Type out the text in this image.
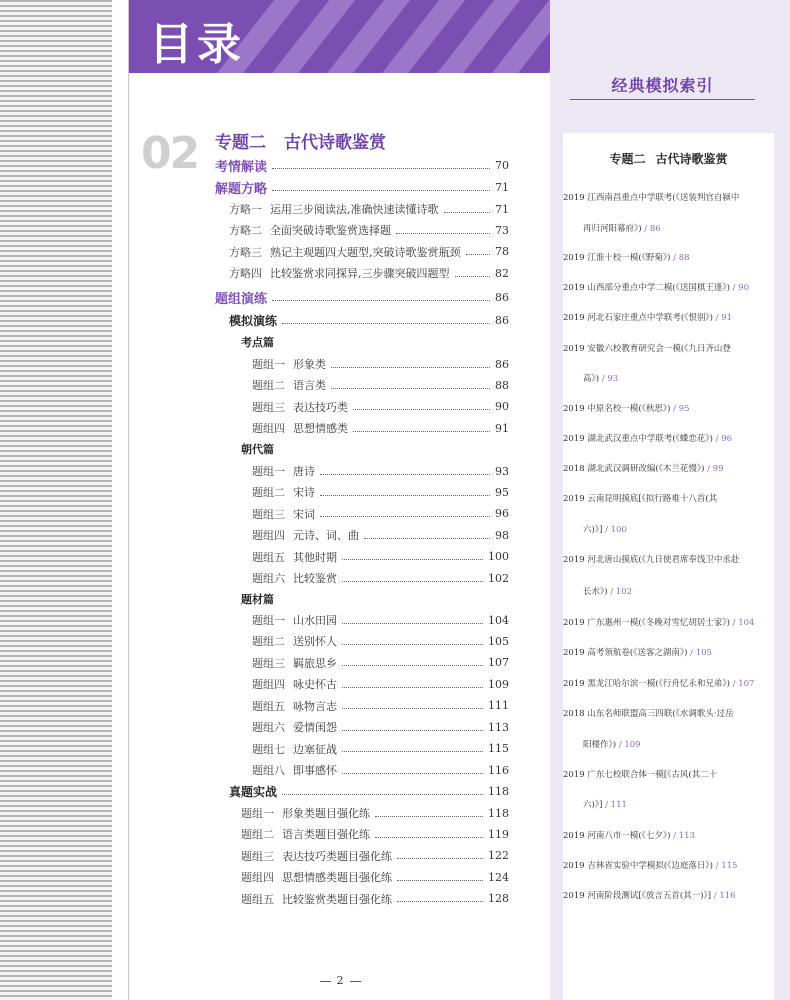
目录
02 专题二 古代诗歌鉴赏
考情解读	70
解题方略	71
方略一 运用三步阅读法,准确快速读懂诗歌	71
方略二 全面突破诗歌鉴赏选择题	73
方略三 熟记主观题四大题型,突破诗歌鉴赏瓶颈	78
方略四 比较鉴赏求同探异,三步骤突破四题型	82
题组演练	86
模拟演练	86
考点篇
题组一 形象类	86
题组二 语言类	88
题组三 表达技巧类	90
题组四 思想情感类	91
朝代篇
题组一 唐诗	93
题组二 宋诗	95
题组三 宋词	96
题组四 元诗、词、曲	98
题组五 其他时期	100
题组六 比较鉴赏	102
题材篇
题组一 山水田园	104
题组二 送别怀人	105
题组三 羁旅思乡	107
题组四 咏史怀古	109
题组五 咏物言志	111
题组六 爱情闺怨	113
题组七 边塞征战	115
题组八 即事感怀	116
真题实战	118
题组一 形象类题目强化练	118
题组二 语言类题目强化练	119
题组三 表达技巧类题目强化练	122
题组四 思想情感类题目强化练	124
题组五 比较鉴赏类题目强化练	128
2
经典模拟索引
专题二 古代诗歌鉴赏
2019 江西南昌重点中学联考(《送装判官自颍中
再归河阳幕府》) / 86
2019 江淮十校一模(《野菊》) / 88
2019 山西部分重点中学二模(《送国棋王逢》) / 90
2019 河北石家庄重点中学联考(《恨别》) / 91
2019 安徽六校教育研究会一模(《九日齐山登
高》) / 93
2019 中原名校一模(《秋思》) / 95
2019 湖北武汉重点中学联考(《蝶恋花》) / 96
2018 湖北武汉调研改编(《木兰花慢》) / 99
2019 云南昆明摸底[《拟行路难十八首(其
六)》] / 100
2019 河北唐山摸底(《九日使君席奉饯卫中丞赴
长水》) / 102
2019 广东惠州一模(《冬晚对雪忆胡居士家》) / 104
2019 高考领航卷(《送客之湖南》) / 105
2019 黑龙江哈尔滨一模(《行舟忆永和兄弟》) / 107
2018 山东名师联盟高三四联(《水调歌头·过岳
阳楼作》) / 109
2019 广东七校联合体一模[《古风(其二十
六)》] / 111
2019 河南八市一模(《七夕》) / 113
2019 吉林省实验中学模拟(《边庭落日》) / 115
2019 河南阶段测试[《放言五首(其一)》] / 116
